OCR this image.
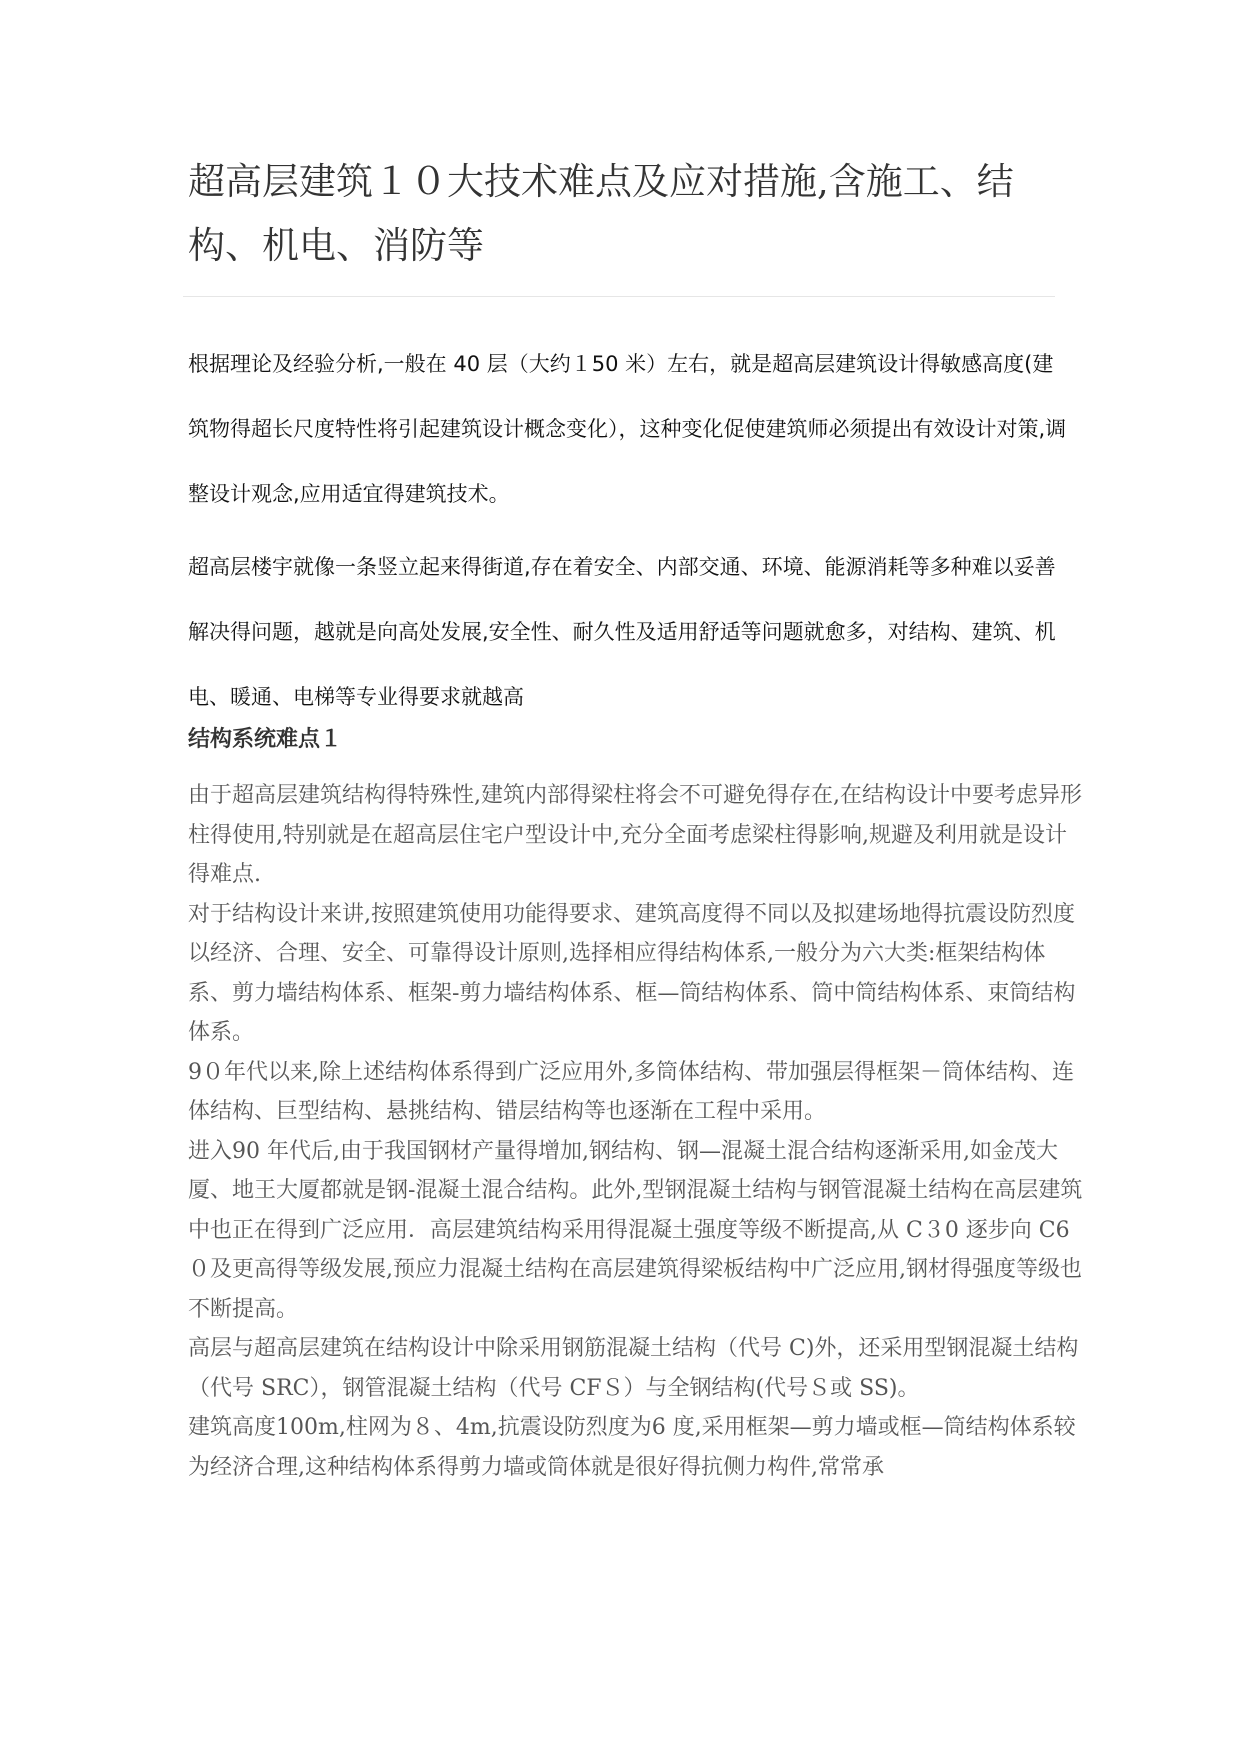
超高层建筑１０大技术难点及应对措施,含施工、结构、机电、消防等

根据理论及经验分析,一般在 40 层（大约１50 米）左右，就是超高层建筑设计得敏感高度(建筑物得超长尺度特性将引起建筑设计概念变化），这种变化促使建筑师必须提出有效设计对策,调整设计观念,应用适宜得建筑技术。

超高层楼宇就像一条竖立起来得街道,存在着安全、内部交通、环境、能源消耗等多种难以妥善解决得问题，越就是向高处发展,安全性、耐久性及适用舒适等问题就愈多，对结构、建筑、机电、暖通、电梯等专业得要求就越高

结构系统难点１

由于超高层建筑结构得特殊性,建筑内部得梁柱将会不可避免得存在,在结构设计中要考虑异形柱得使用,特别就是在超高层住宅户型设计中,充分全面考虑梁柱得影响,规避及利用就是设计得难点.

对于结构设计来讲,按照建筑使用功能得要求、建筑高度得不同以及拟建场地得抗震设防烈度以经济、合理、安全、可靠得设计原则,选择相应得结构体系,一般分为六大类:框架结构体系、剪力墙结构体系、框架-剪力墙结构体系、框—筒结构体系、筒中筒结构体系、束筒结构体系。

9０年代以来,除上述结构体系得到广泛应用外,多筒体结构、带加强层得框架－筒体结构、连体结构、巨型结构、悬挑结构、错层结构等也逐渐在工程中采用。

进入90 年代后,由于我国钢材产量得增加,钢结构、钢—混凝土混合结构逐渐采用,如金茂大厦、地王大厦都就是钢-混凝土混合结构。此外,型钢混凝土结构与钢管混凝土结构在高层建筑中也正在得到广泛应用．高层建筑结构采用得混凝土强度等级不断提高,从 C３0 逐步向 C6０及更高得等级发展,预应力混凝土结构在高层建筑得梁板结构中广泛应用,钢材得强度等级也不断提高。

高层与超高层建筑在结构设计中除采用钢筋混凝土结构（代号 C)外，还采用型钢混凝土结构（代号 SRC），钢管混凝土结构（代号 CFＳ）与全钢结构(代号Ｓ或 SS)。

建筑高度100m,柱网为８、4m,抗震设防烈度为6 度,采用框架—剪力墙或框—筒结构体系较为经济合理,这种结构体系得剪力墙或筒体就是很好得抗侧力构件,常常承
